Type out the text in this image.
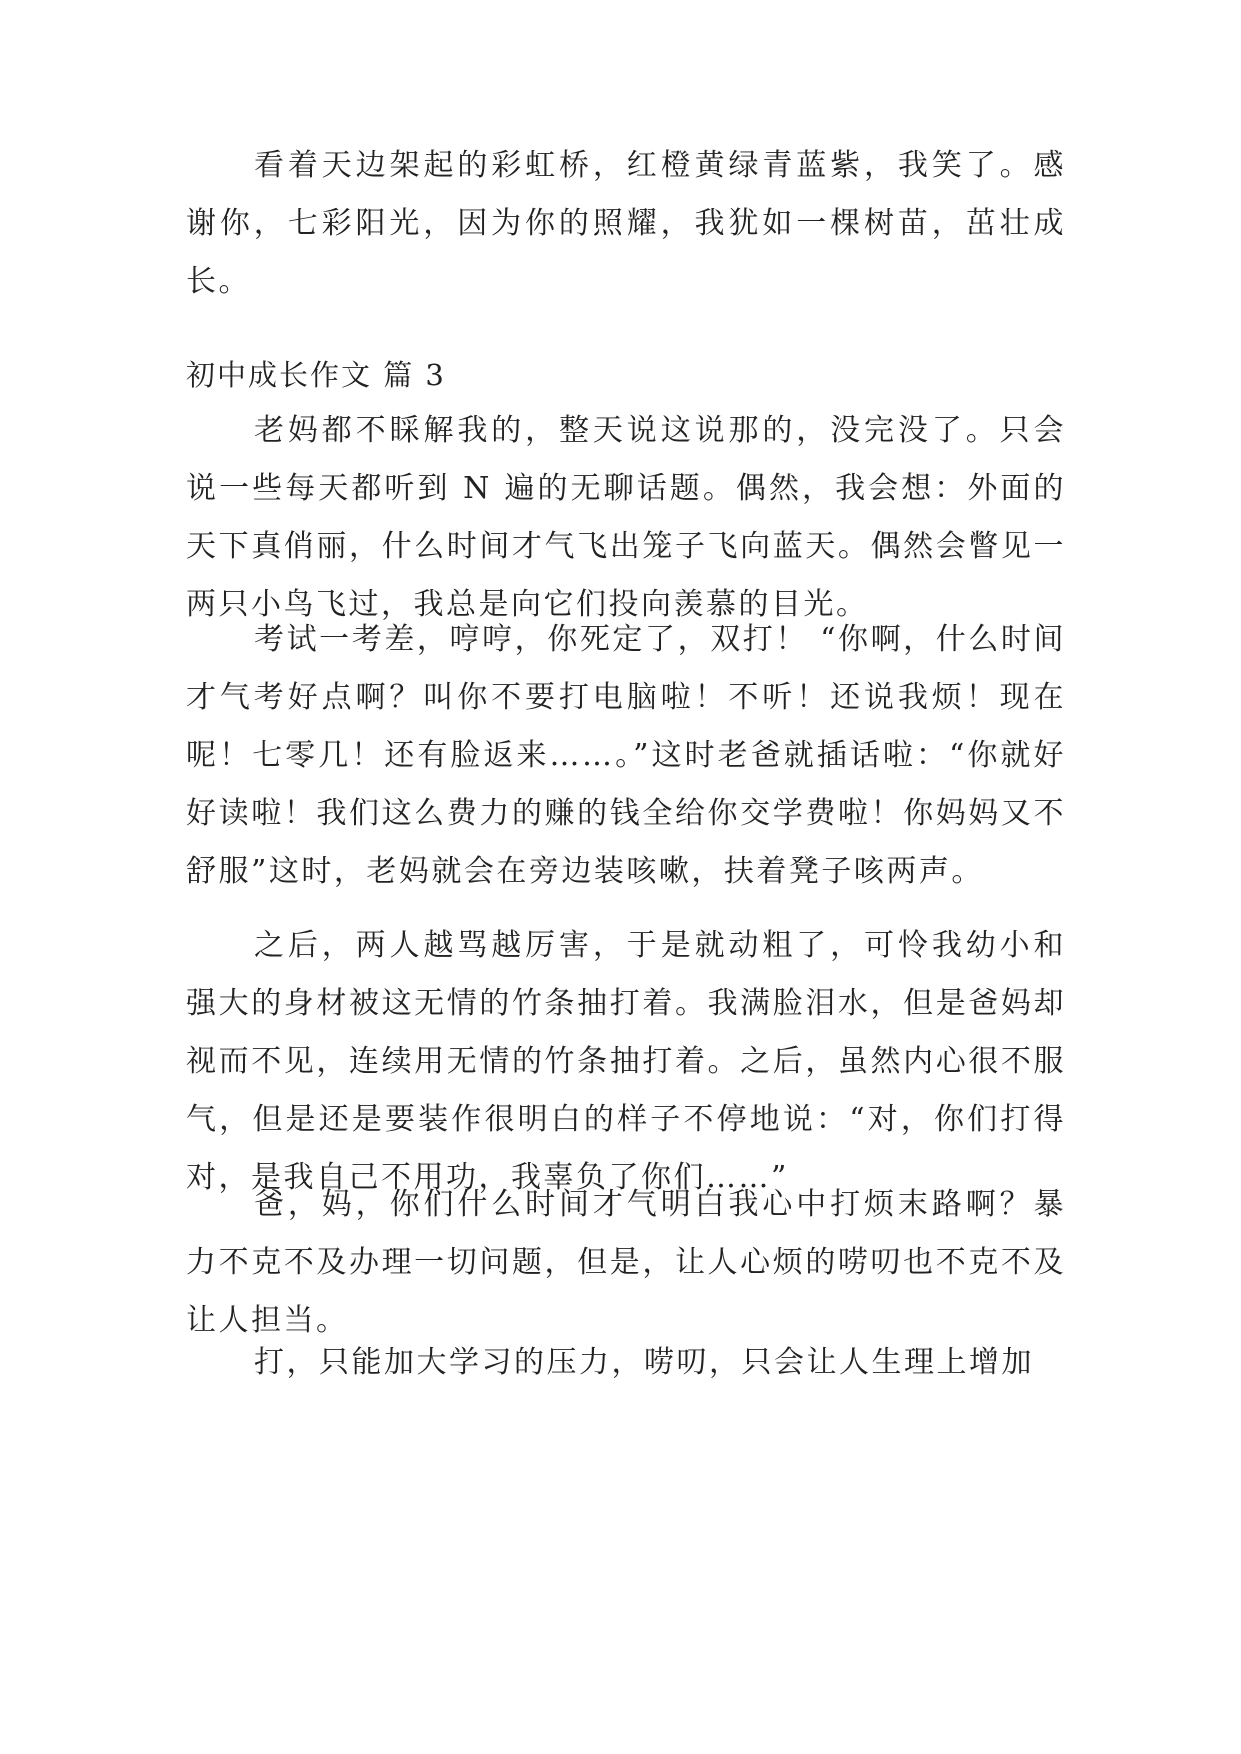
看着天边架起的彩虹桥，红橙黄绿青蓝紫，我笑了。感谢你，七彩阳光，因为你的照耀，我犹如一棵树苗，茁壮成长。

初中成长作文 篇 3

老妈都不睬解我的，整天说这说那的，没完没了。只会说一些每天都听到 N 遍的无聊话题。偶然，我会想：外面的天下真俏丽，什么时间才气飞出笼子飞向蓝天。偶然会瞥见一两只小鸟飞过，我总是向它们投向羡慕的目光。

考试一考差，哼哼，你死定了，双打！ “你啊，什么时间才气考好点啊？叫你不要打电脑啦！不听！还说我烦！现在呢！七零几！还有脸返来……。”这时老爸就插话啦：“你就好好读啦！我们这么费力的赚的钱全给你交学费啦！你妈妈又不舒服”这时，老妈就会在旁边装咳嗽，扶着凳子咳两声。

之后，两人越骂越厉害，于是就动粗了，可怜我幼小和强大的身材被这无情的竹条抽打着。我满脸泪水，但是爸妈却视而不见，连续用无情的竹条抽打着。之后，虽然内心很不服气，但是还是要装作很明白的样子不停地说：“对，你们打得对，是我自己不用功，我辜负了你们……”

爸，妈，你们什么时间才气明白我心中打烦末路啊？暴力不克不及办理一切问题，但是，让人心烦的唠叨也不克不及让人担当。

打，只能加大学习的压力，唠叨，只会让人生理上增加
